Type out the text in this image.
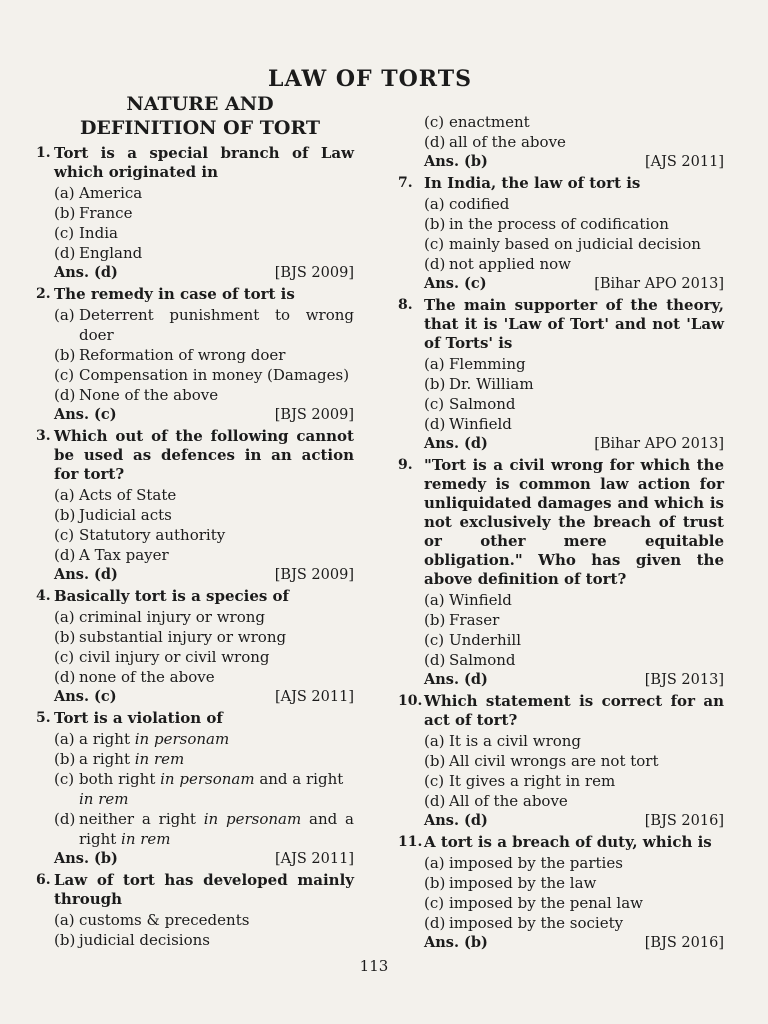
LAW OF TORTS
NATURE AND
DEFINITION OF TORT
1. Tort is a special branch of Law which originated in
(a) America
(b) France
(c) India
(d) England
Ans. (d)	[BJS 2009]
2. The remedy in case of tort is
(a) Deterrent punishment to wrong doer
(b) Reformation of wrong doer
(c) Compensation in money (Damages)
(d) None of the above
Ans. (c)	[BJS 2009]
3. Which out of the following cannot be used as defences in an action for tort?
(a) Acts of State
(b) Judicial acts
(c) Statutory authority
(d) A Tax payer
Ans. (d)	[BJS 2009]
4. Basically tort is a species of
(a) criminal injury or wrong
(b) substantial injury or wrong
(c) civil injury or civil wrong
(d) none of the above
Ans. (c)	[AJS 2011]
5. Tort is a violation of
(a) a right in personam
(b) a right in rem
(c) both right in personam and a right in rem
(d) neither a right in personam and a right in rem
Ans. (b)	[AJS 2011]
6. Law of tort has developed mainly through
(a) customs & precedents
(b) judicial decisions
(c) enactment
(d) all of the above
Ans. (b)	[AJS 2011]
7. In India, the law of tort is
(a) codified
(b) in the process of codification
(c) mainly based on judicial decision
(d) not applied now
Ans. (c)	[Bihar APO 2013]
8. The main supporter of the theory, that it is 'Law of Tort' and not 'Law of Torts' is
(a) Flemming
(b) Dr. William
(c) Salmond
(d) Winfield
Ans. (d)	[Bihar APO 2013]
9. "Tort is a civil wrong for which the remedy is common law action for unliquidated damages and which is not exclusively the breach of trust or other mere equitable obligation." Who has given the above definition of tort?
(a) Winfield
(b) Fraser
(c) Underhill
(d) Salmond
Ans. (d)	[BJS 2013]
10. Which statement is correct for an act of tort?
(a) It is a civil wrong
(b) All civil wrongs are not tort
(c) It gives a right in rem
(d) All of the above
Ans. (d)	[BJS 2016]
11. A tort is a breach of duty, which is
(a) imposed by the parties
(b) imposed by the law
(c) imposed by the penal law
(d) imposed by the society
Ans. (b)	[BJS 2016]
113
